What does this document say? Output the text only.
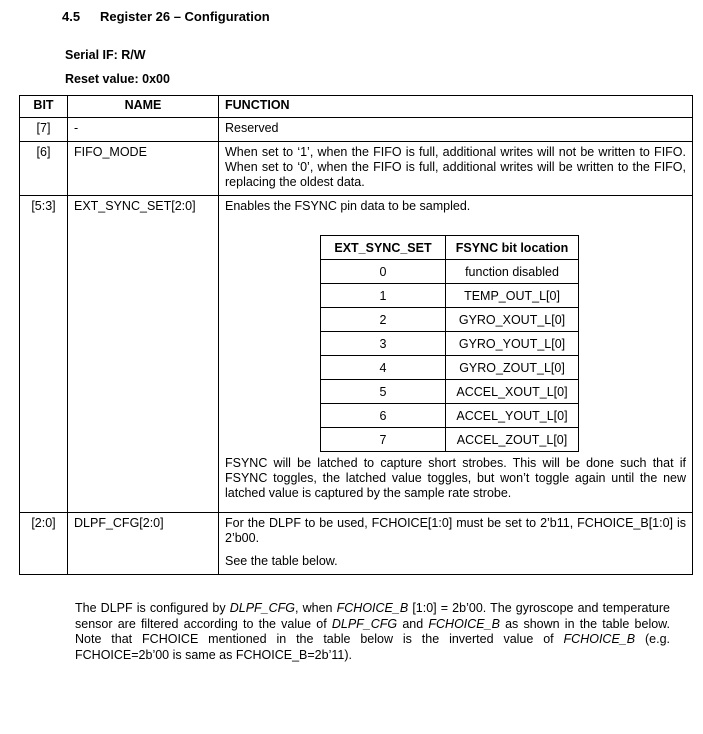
4.5 Register 26 – Configuration
Serial IF: R/W
Reset value: 0x00
BIT	NAME	FUNCTION
[7]	-	Reserved
[6]	FIFO_MODE	When set to ‘1’, when the FIFO is full, additional writes will not be written to FIFO. When set to ‘0’, when the FIFO is full, additional writes will be written to the FIFO, replacing the oldest data.
[5:3]	EXT_SYNC_SET[2:0]	Enables the FSYNC pin data to be sampled.
EXT_SYNC_SET	FSYNC bit location
0	function disabled
1	TEMP_OUT_L[0]
2	GYRO_XOUT_L[0]
3	GYRO_YOUT_L[0]
4	GYRO_ZOUT_L[0]
5	ACCEL_XOUT_L[0]
6	ACCEL_YOUT_L[0]
7	ACCEL_ZOUT_L[0]
FSYNC will be latched to capture short strobes. This will be done such that if FSYNC toggles, the latched value toggles, but won’t toggle again until the new latched value is captured by the sample rate strobe.

[2:0]	DLPF_CFG[2:0]	For the DLPF to be used, FCHOICE[1:0] must be set to 2’b11, FCHOICE_B[1:0] is 2’b00.
See the table below.
The DLPF is configured by DLPF_CFG, when FCHOICE_B [1:0] = 2b’00. The gyroscope and temperature sensor are filtered according to the value of DLPF_CFG and FCHOICE_B as shown in the table below. Note that FCHOICE mentioned in the table below is the inverted value of FCHOICE_B (e.g. FCHOICE=2b’00 is same as FCHOICE_B=2b’11).
